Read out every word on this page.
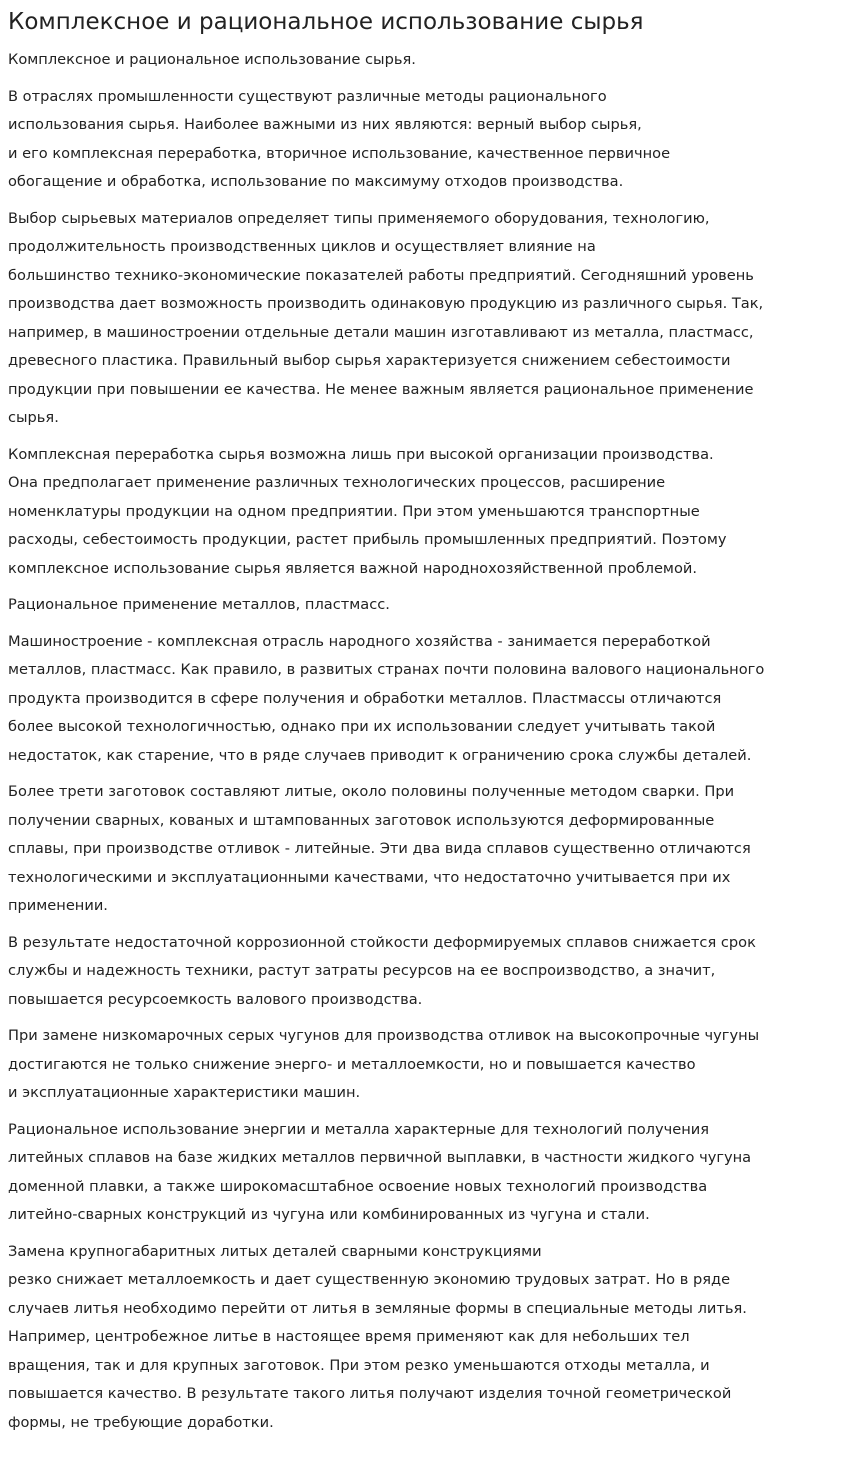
Комплексное и рациональное использование сырья

Комплексное и рациональное использование сырья.

В отраслях промышленности существуют различные методы рационального
использования сырья. Наиболее важными из них являются: верный выбор сырья,
и его комплексная переработка, вторичное использование, качественное первичное
обогащение и обработка, использование по максимуму отходов производства.

Выбор сырьевых материалов определяет типы применяемого оборудования, технологию,
продолжительность производственных циклов и осуществляет влияние на
большинство технико-экономические показателей работы предприятий. Сегодняшний уровень
производства дает возможность производить одинаковую продукцию из различного сырья. Так,
например, в машиностроении отдельные детали машин изготавливают из металла, пластмасс,
древесного пластика. Правильный выбор сырья характеризуется снижением себестоимости
продукции при повышении ее качества. Не менее важным является рациональное применение
сырья.

Комплексная переработка сырья возможна лишь при высокой организации производства.
Она предполагает применение различных технологических процессов, расширение
номенклатуры продукции на одном предприятии. При этом уменьшаются транспортные
расходы, себестоимость продукции, растет прибыль промышленных предприятий. Поэтому
комплексное использование сырья является важной народнохозяйственной проблемой.

Рациональное применение металлов, пластмасс.

Машиностроение - комплексная отрасль народного хозяйства - занимается переработкой
металлов, пластмасс. Как правило, в развитых странах почти половина валового национального
продукта производится в сфере получения и обработки металлов. Пластмассы отличаются
более высокой технологичностью, однако при их использовании следует учитывать такой
недостаток, как старение, что в ряде случаев приводит к ограничению срока службы деталей.

Более трети заготовок составляют литые, около половины полученные методом сварки. При
получении сварных, кованых и штампованных заготовок используются деформированные
сплавы, при производстве отливок - литейные. Эти два вида сплавов существенно отличаются
технологическими и эксплуатационными качествами, что недостаточно учитывается при их
применении.

В результате недостаточной коррозионной стойкости деформируемых сплавов снижается срок
службы и надежность техники, растут затраты ресурсов на ее воспроизводство, а значит,
повышается ресурсоемкость валового производства.

При замене низкомарочных серых чугунов для производства отливок на высокопрочные чугуны
достигаются не только снижение энерго- и металлоемкости, но и повышается качество
и эксплуатационные характеристики машин.

Рациональное использование энергии и металла характерные для технологий получения
литейных сплавов на базе жидких металлов первичной выплавки, в частности жидкого чугуна
доменной плавки, а также широкомасштабное освоение новых технологий производства
литейно-сварных конструкций из чугуна или комбинированных из чугуна и стали.

Замена крупногабаритных литых деталей сварными конструкциями
резко снижает металлоемкость и дает существенную экономию трудовых затрат. Но в ряде
случаев литья необходимо перейти от литья в земляные формы в специальные методы литья.
Например, центробежное литье в настоящее время применяют как для небольших тел
вращения, так и для крупных заготовок. При этом резко уменьшаются отходы металла, и
повышается качество. В результате такого литья получают изделия точной геометрической
формы, не требующие доработки.
